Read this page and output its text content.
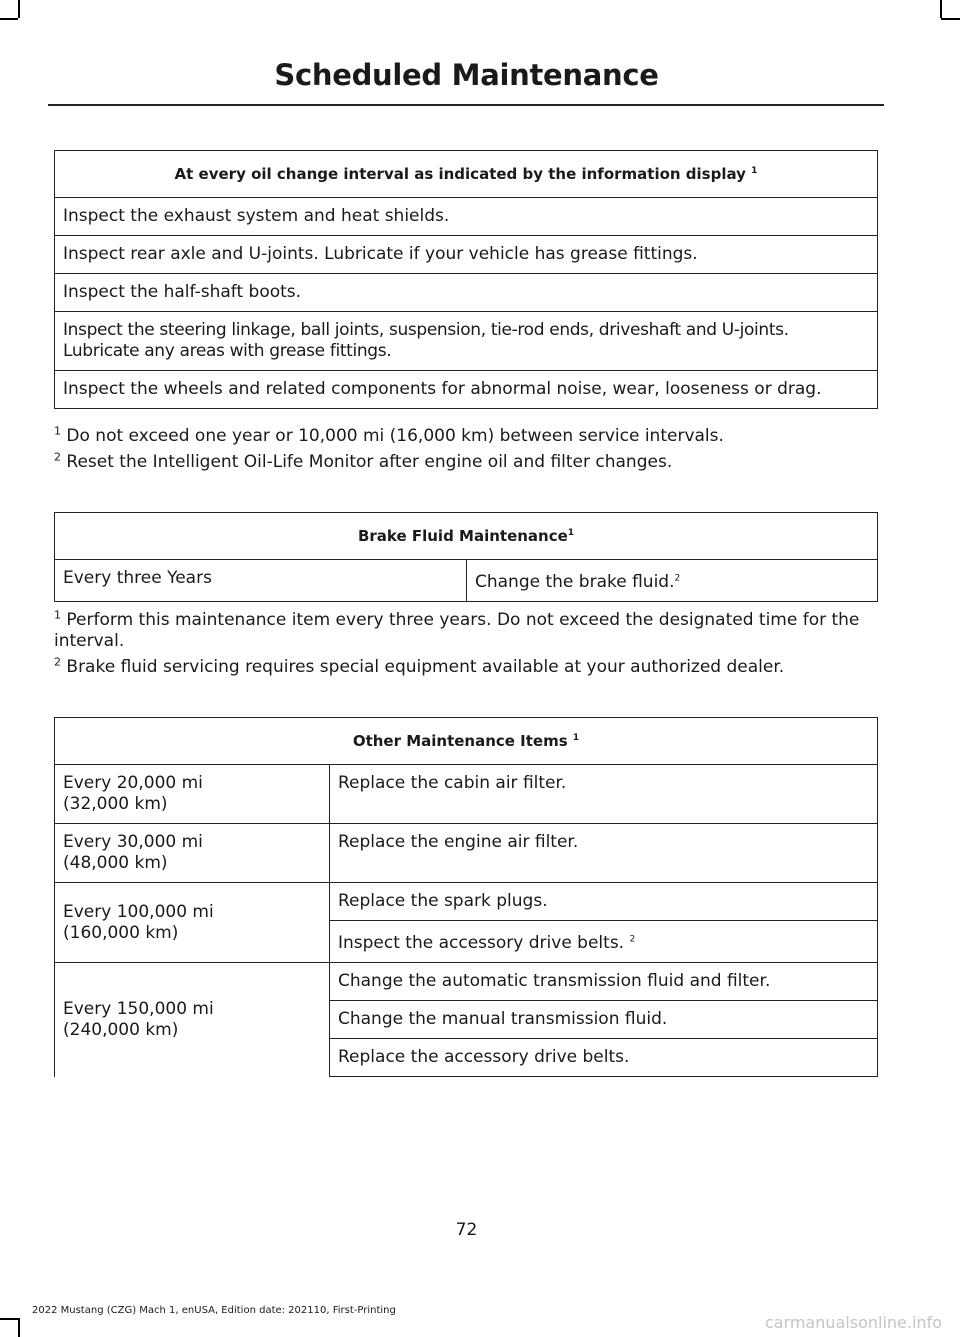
Scheduled Maintenance
At every oil change interval as indicated by the information display $^1$
Inspect the exhaust system and heat shields.
Inspect rear axle and U-joints. Lubricate if your vehicle has grease fittings.
Inspect the half-shaft boots.
Inspect the steering linkage, ball joints, suspension, tie-rod ends, driveshaft and U-joints. Lubricate any areas with grease fittings.
Inspect the wheels and related components for abnormal noise, wear, looseness or drag.

$^1$ Do not exceed one year or 10,000 mi (16,000 km) between service intervals.

$^2$ Reset the Intelligent Oil-Life Monitor after engine oil and filter changes.

Brake Fluid Maintenance$^1$
Every three Years	Change the brake fluid.$^2$

$^1$ Perform this maintenance item every three years. Do not exceed the designated time for the interval.

$^2$ Brake fluid servicing requires special equipment available at your authorized dealer.

Other Maintenance Items $^1$
Every 20,000 mi
(32,000 km)	Replace the cabin air filter.
Every 30,000 mi
(48,000 km)	Replace the engine air filter.
Every 100,000 mi
(160,000 km)	Replace the spark plugs.
	Inspect the accessory drive belts. $^2$
Every 150,000 mi
(240,000 km)	Change the automatic transmission fluid and filter.
	Change the manual transmission fluid.
	Replace the accessory drive belts.
72
2022 Mustang (CZG) Mach 1, enUSA, Edition date: 202110, First-Printing
carmanualsonline.info
